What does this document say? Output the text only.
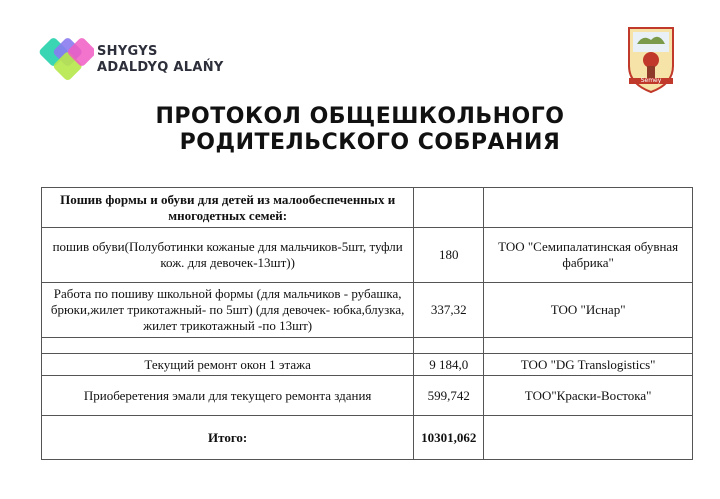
SHYGYS
ADALDYQ ALAŃY
Semey
ПРОТОКОЛ ОБЩЕШКОЛЬНОГО
РОДИТЕЛЬСКОГО СОБРАНИЯ
Пошив формы и обуви для детей из малообеспеченных и многодетных семей:		
пошив обуви(Полуботинки кожаные для мальчиков-5шт, туфли кож. для девочек-13шт))	180	ТОО "Семипалатинская обувная фабрика"
Работа по пошиву школьной формы (для мальчиков - рубашка, брюки,жилет трикотажный- по 5шт) (для девочек- юбка,блузка, жилет трикотажный -по 13шт)	337,32	ТОО "Иснар"

Текущий ремонт окон 1 этажа	9 184,0	ТОО "DG Translogistics"
Приоберетения эмали для текущего ремонта здания	599,742	ТОО"Краски-Востока"
Итого:	10301,062	
